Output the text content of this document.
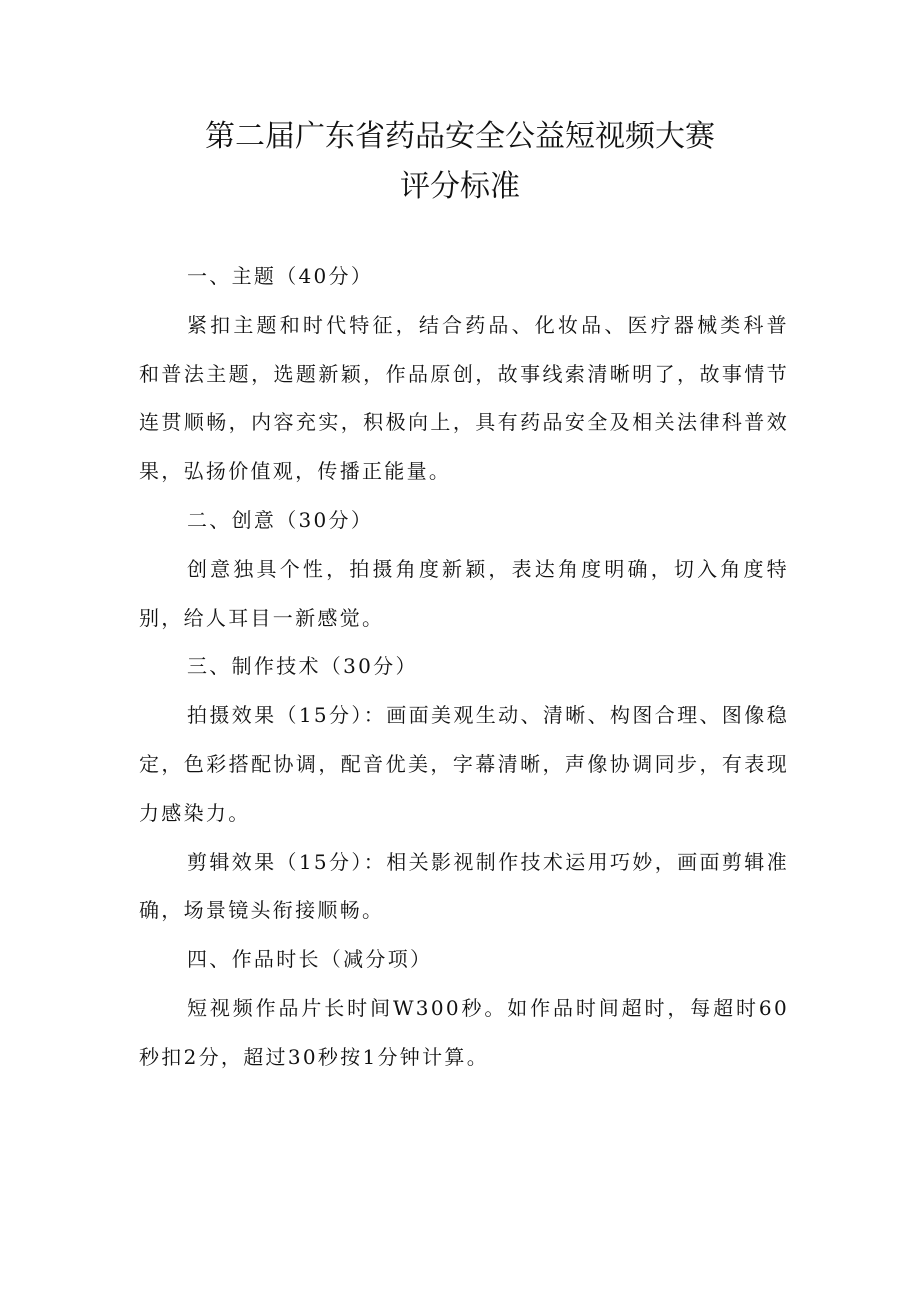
第二届广东省药品安全公益短视频大赛
评分标准

一、主题（40分）

紧扣主题和时代特征，结合药品、化妆品、医疗器械类科普和普法主题，选题新颖，作品原创，故事线索清晰明了，故事情节连贯顺畅，内容充实，积极向上，具有药品安全及相关法律科普效果，弘扬价值观，传播正能量。

二、创意（30分）

创意独具个性，拍摄角度新颖，表达角度明确，切入角度特别，给人耳目一新感觉。

三、制作技术（30分）

拍摄效果（15分）：画面美观生动、清晰、构图合理、图像稳定，色彩搭配协调，配音优美，字幕清晰，声像协调同步，有表现力感染力。

剪辑效果（15分）：相关影视制作技术运用巧妙，画面剪辑准确，场景镜头衔接顺畅。

四、作品时长（减分项）

短视频作品片长时间W300秒。如作品时间超时，每超时60秒扣2分，超过30秒按1分钟计算。
